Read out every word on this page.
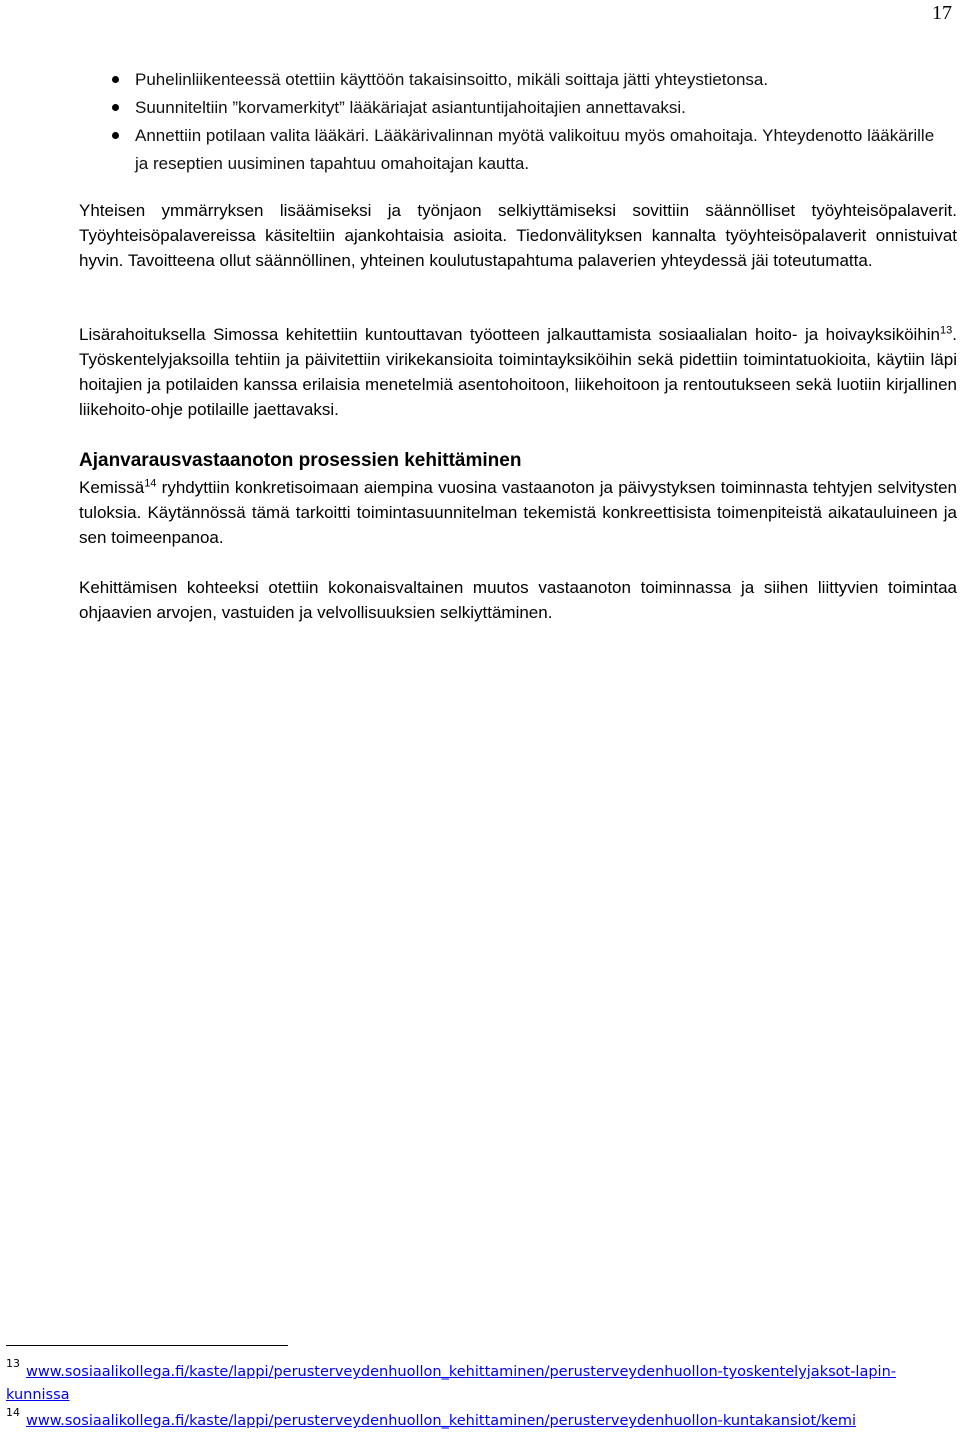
17
Puhelinliikenteessä otettiin käyttöön takaisinsoitto, mikäli soittaja jätti yhteystietonsa.
Suunniteltiin ”korvamerkityt” lääkäriajat asiantuntijahoitajien annettavaksi.
Annettiin potilaan valita lääkäri. Lääkärivalinnan myötä valikoituu myös omahoitaja. Yhteydenotto lääkärille ja reseptien uusiminen tapahtuu omahoitajan kautta.

Yhteisen ymmärryksen lisäämiseksi ja työnjaon selkiyttämiseksi sovittiin säännölliset työyhteisöpalaverit. Työyhteisöpalavereissa käsiteltiin ajankohtaisia asioita. Tiedonvälityksen kannalta työyhteisöpalaverit onnistuivat hyvin. Tavoitteena ollut säännöllinen, yhteinen koulutustapahtuma palaverien yhteydessä jäi toteutumatta.

Lisärahoituksella Simossa kehitettiin kuntouttavan työotteen jalkauttamista sosiaalialan hoito- ja hoivayksiköihin$^{13}$. Työskentelyjaksoilla tehtiin ja päivitettiin virikekansioita toimintayksiköihin sekä pidettiin toimintatuokioita, käytiin läpi hoitajien ja potilaiden kanssa erilaisia menetelmiä asentohoitoon, liikehoitoon ja rentoutukseen sekä luotiin kirjallinen liikehoito-ohje potilaille jaettavaksi.

Ajanvarausvastaanoton prosessien kehittäminen

Kemissä$^{14}$ ryhdyttiin konkretisoimaan aiempina vuosina vastaanoton ja päivystyksen toiminnasta tehtyjen selvitysten tuloksia. Käytännössä tämä tarkoitti toimintasuunnitelman tekemistä konkreettisista toimenpiteistä aikatauluineen ja sen toimeenpanoa.

Kehittämisen kohteeksi otettiin kokonaisvaltainen muutos vastaanoton toiminnassa ja siihen liittyvien toimintaa ohjaavien arvojen, vastuiden ja velvollisuuksien selkiyttäminen.

$^{13}$www.sosiaalikollega.fi/kaste/lappi/perusterveydenhuollon_kehittaminen/perusterveydenhuollon-tyoskentelyjaksot-lapin-kunnissa

$^{14}$www.sosiaalikollega.fi/kaste/lappi/perusterveydenhuollon_kehittaminen/perusterveydenhuollon-kuntakansiot/kemi
